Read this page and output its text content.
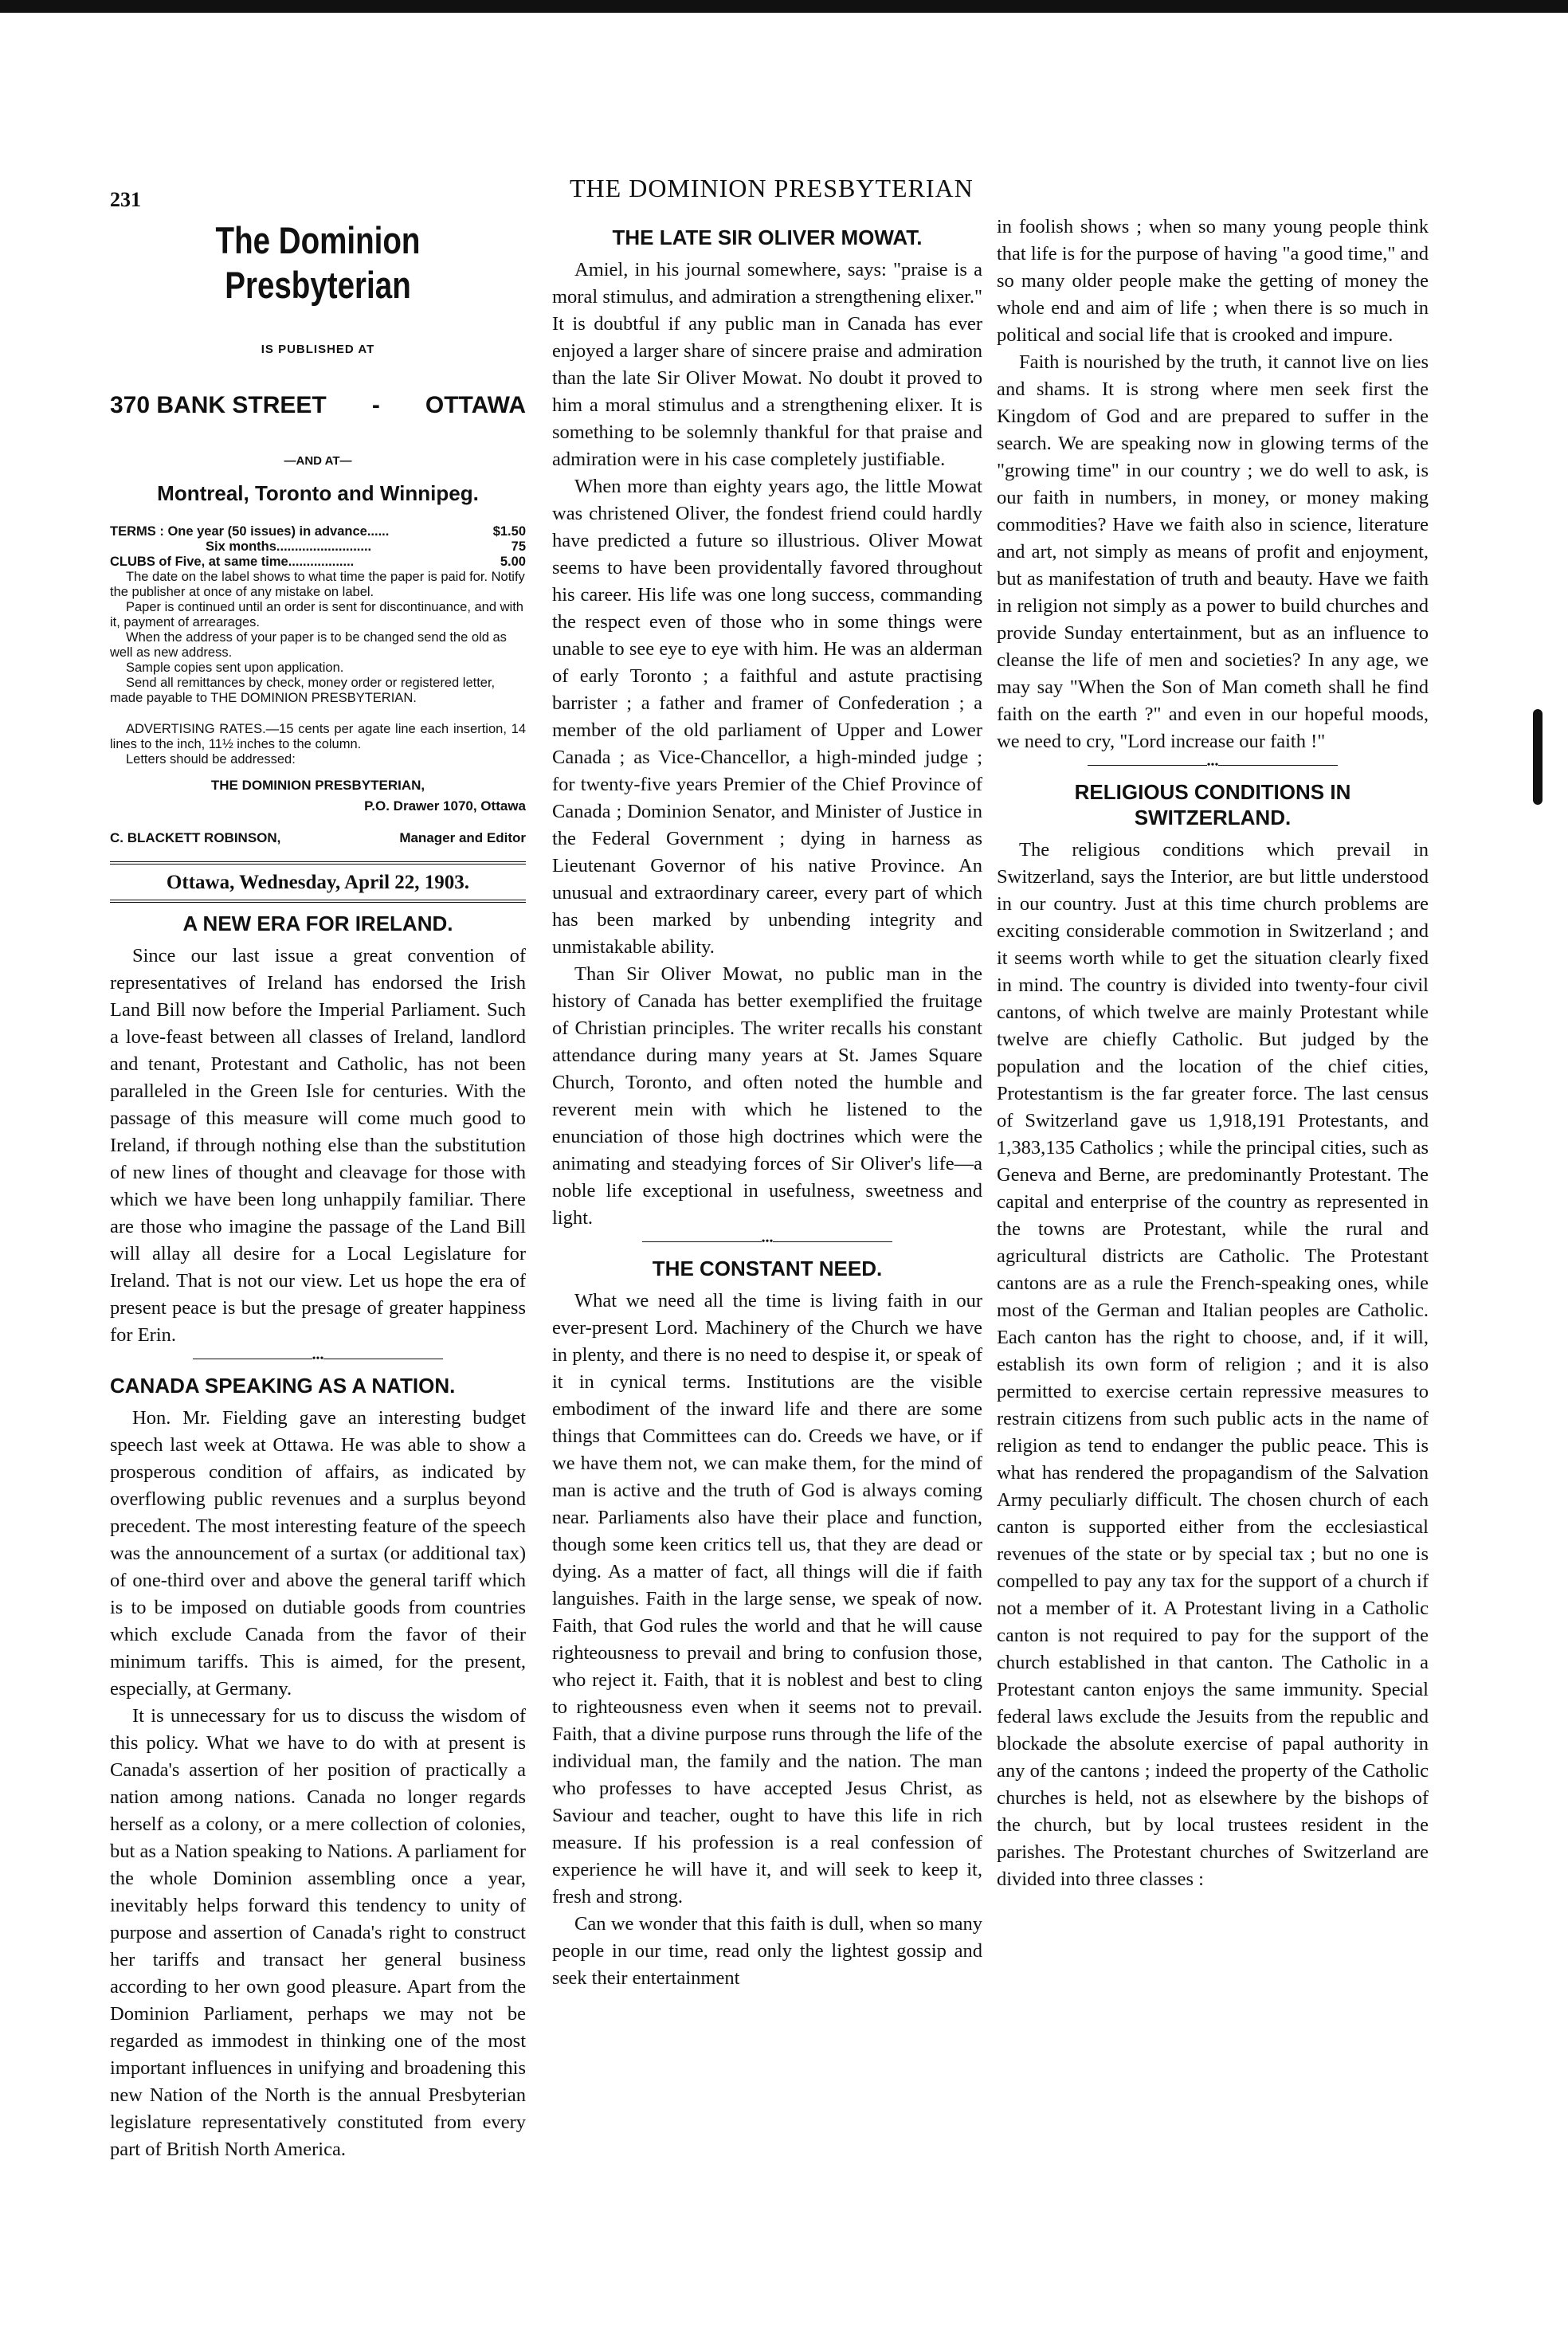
231	THE DOMINION PRESBYTERIAN
The Dominion Presbyterian
IS PUBLISHED AT
370 BANK STREET - OTTAWA
—AND AT—
Montreal, Toronto and Winnipeg.
TERMS : One year (50 issues) in advance......	$1.50
Six months..........................	75
CLUBS of Five, at same time..................	5.00

The date on the label shows to what time the paper is paid for. Notify the publisher at once of any mistake on label.

Paper is continued until an order is sent for discontinuance, and with it, payment of arrearages.

When the address of your paper is to be changed send the old as well as new address.

Sample copies sent upon application.

Send all remittances by check, money order or registered letter, made payable to THE DOMINION PRESBYTERIAN.

ADVERTISING RATES.—15 cents per agate line each insertion, 14 lines to the inch, 11½ inches to the column.

Letters should be addressed:

THE DOMINION PRESBYTERIAN,
P.O. Drawer 1070, Ottawa
C. BLACKETT ROBINSON,	Manager and Editor
Ottawa, Wednesday, April 22, 1903.
A NEW ERA FOR IRELAND.

Since our last issue a great convention of representatives of Ireland has endorsed the Irish Land Bill now before the Imperial Parliament. Such a love-feast between all classes of Ireland, landlord and tenant, Protestant and Catholic, has not been paralleled in the Green Isle for centuries. With the passage of this measure will come much good to Ireland, if through nothing else than the substitution of new lines of thought and cleavage for those with which we have been long unhappily familiar. There are those who imagine the passage of the Land Bill will allay all desire for a Local Legislature for Ireland. That is not our view. Let us hope the era of present peace is but the presage of greater happiness for Erin.

•••
CANADA SPEAKING AS A NATION.

Hon. Mr. Fielding gave an interesting budget speech last week at Ottawa. He was able to show a prosperous condition of affairs, as indicated by overflowing public revenues and a surplus beyond precedent. The most interesting feature of the speech was the announcement of a surtax (or additional tax) of one-third over and above the general tariff which is to be imposed on dutiable goods from countries which exclude Canada from the favor of their minimum tariffs. This is aimed, for the present, especially, at Germany.

It is unnecessary for us to discuss the wisdom of this policy. What we have to do with at present is Canada's assertion of her position of practically a nation among nations. Canada no longer regards herself as a colony, or a mere collection of colonies, but as a Nation speaking to Nations. A parliament for the whole Dominion assembling once a year, inevitably helps forward this tendency to unity of purpose and assertion of Canada's right to construct her tariffs and transact her general business according to her own good pleasure. Apart from the Dominion Parliament, perhaps we may not be regarded as immodest in thinking one of the most important influences in unifying and broadening this new Nation of the North is the annual Presbyterian legislature representatively constituted from every part of British North America.

THE LATE SIR OLIVER MOWAT.

Amiel, in his journal somewhere, says: "praise is a moral stimulus, and admiration a strengthening elixer." It is doubtful if any public man in Canada has ever enjoyed a larger share of sincere praise and admiration than the late Sir Oliver Mowat. No doubt it proved to him a moral stimulus and a strengthening elixer. It is something to be solemnly thankful for that praise and admiration were in his case completely justifiable.

When more than eighty years ago, the little Mowat was christened Oliver, the fondest friend could hardly have predicted a future so illustrious. Oliver Mowat seems to have been providentally favored throughout his career. His life was one long success, commanding the respect even of those who in some things were unable to see eye to eye with him. He was an alderman of early Toronto ; a faithful and astute practising barrister ; a father and framer of Confederation ; a member of the old parliament of Upper and Lower Canada ; as Vice-Chancellor, a high-minded judge ; for twenty-five years Premier of the Chief Province of Canada ; Dominion Senator, and Minister of Justice in the Federal Government ; dying in harness as Lieutenant Governor of his native Province. An unusual and extraordinary career, every part of which has been marked by unbending integrity and unmistakable ability.

Than Sir Oliver Mowat, no public man in the history of Canada has better exemplified the fruitage of Christian principles. The writer recalls his constant attendance during many years at St. James Square Church, Toronto, and often noted the humble and reverent mein with which he listened to the enunciation of those high doctrines which were the animating and steadying forces of Sir Oliver's life—a noble life exceptional in usefulness, sweetness and light.

•••
THE CONSTANT NEED.

What we need all the time is living faith in our ever-present Lord. Machinery of the Church we have in plenty, and there is no need to despise it, or speak of it in cynical terms. Institutions are the visible embodiment of the inward life and there are some things that Committees can do. Creeds we have, or if we have them not, we can make them, for the mind of man is active and the truth of God is always coming near. Parliaments also have their place and function, though some keen critics tell us, that they are dead or dying. As a matter of fact, all things will die if faith languishes. Faith in the large sense, we speak of now. Faith, that God rules the world and that he will cause righteousness to prevail and bring to confusion those, who reject it. Faith, that it is noblest and best to cling to righteousness even when it seems not to prevail. Faith, that a divine purpose runs through the life of the individual man, the family and the nation. The man who professes to have accepted Jesus Christ, as Saviour and teacher, ought to have this life in rich measure. If his profession is a real confession of experience he will have it, and will seek to keep it, fresh and strong.

Can we wonder that this faith is dull, when so many people in our time, read only the lightest gossip and seek their entertainment

in foolish shows ; when so many young people think that life is for the purpose of having "a good time," and so many older people make the getting of money the whole end and aim of life ; when there is so much in political and social life that is crooked and impure.

Faith is nourished by the truth, it cannot live on lies and shams. It is strong where men seek first the Kingdom of God and are prepared to suffer in the search. We are speaking now in glowing terms of the "growing time" in our country ; we do well to ask, is our faith in numbers, in money, or money making commodities? Have we faith also in science, literature and art, not simply as means of profit and enjoyment, but as manifestation of truth and beauty. Have we faith in religion not simply as a power to build churches and provide Sunday entertainment, but as an influence to cleanse the life of men and societies? In any age, we may say "When the Son of Man cometh shall he find faith on the earth ?" and even in our hopeful moods, we need to cry, "Lord increase our faith !"

•••
RELIGIOUS CONDITIONS IN SWITZERLAND.

The religious conditions which prevail in Switzerland, says the Interior, are but little understood in our country. Just at this time church problems are exciting considerable commotion in Switzerland ; and it seems worth while to get the situation clearly fixed in mind. The country is divided into twenty-four civil cantons, of which twelve are mainly Protestant while twelve are chiefly Catholic. But judged by the population and the location of the chief cities, Protestantism is the far greater force. The last census of Switzerland gave us 1,918,191 Protestants, and 1,383,135 Catholics ; while the principal cities, such as Geneva and Berne, are predominantly Protestant. The capital and enterprise of the country as represented in the towns are Protestant, while the rural and agricultural districts are Catholic. The Protestant cantons are as a rule the French-speaking ones, while most of the German and Italian peoples are Catholic. Each canton has the right to choose, and, if it will, establish its own form of religion ; and it is also permitted to exercise certain repressive measures to restrain citizens from such public acts in the name of religion as tend to endanger the public peace. This is what has rendered the propagandism of the Salvation Army peculiarly difficult. The chosen church of each canton is supported either from the ecclesiastical revenues of the state or by special tax ; but no one is compelled to pay any tax for the support of a church if not a member of it. A Protestant living in a Catholic canton is not required to pay for the support of the church established in that canton. The Catholic in a Protestant canton enjoys the same immunity. Special federal laws exclude the Jesuits from the republic and blockade the absolute exercise of papal authority in any of the cantons ; indeed the property of the Catholic churches is held, not as elsewhere by the bishops of the church, but by local trustees resident in the parishes. The Protestant churches of Switzerland are divided into three classes :
